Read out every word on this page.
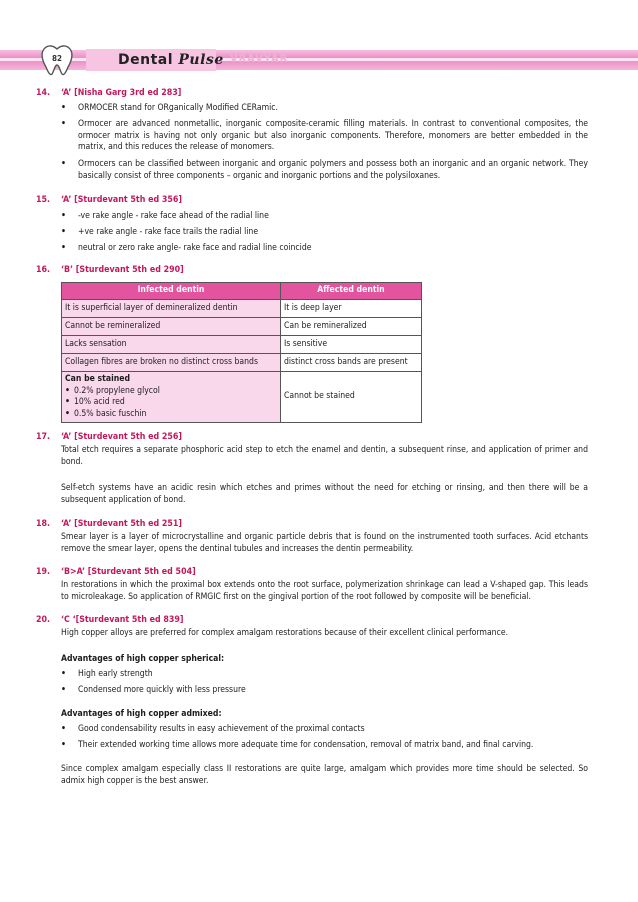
82	Dental Pulse VRAVYAR
14. ‘A’ [Nisha Garg 3rd ed 283]
• ORMOCER stand for ORganically Modified CERamic.
• Ormocer are advanced nonmetallic, inorganic composite-ceramic filling materials. In contrast to conventional composites, the ormocer matrix is having not only organic but also inorganic components. Therefore, monomers are better embedded in the matrix, and this reduces the release of monomers.
• Ormocers can be classified between inorganic and organic polymers and possess both an inorganic and an organic network. They basically consist of three components – organic and inorganic portions and the polysiloxanes.
15. ‘A’ [Sturdevant 5th ed 356]
• -ve rake angle - rake face ahead of the radial line
• +ve rake angle - rake face trails the radial line
• neutral or zero rake angle- rake face and radial line coincide
16. ‘B’ [Sturdevant 5th ed 290]
Infected dentin	Affected dentin
It is superficial layer of demineralized dentin	It is deep layer
Cannot be remineralized	Can be remineralized
Lacks sensation	Is sensitive
Collagen fibres are broken no distinct cross bands	distinct cross bands are present

Can be stained
• 0.2% propylene glycol
• 10% acid red
• 0.5% basic fuschin	Cannot be stained
17. ‘A’ [Sturdevant 5th ed 256]
Total etch requires a separate phosphoric acid step to etch the enamel and dentin, a subsequent rinse, and application of primer and bond.
Self-etch systems have an acidic resin which etches and primes without the need for etching or rinsing, and then there will be a subsequent application of bond.
18. ‘A’ [Sturdevant 5th ed 251]
Smear layer is a layer of microcrystalline and organic particle debris that is found on the instrumented tooth surfaces. Acid etchants remove the smear layer, opens the dentinal tubules and increases the dentin permeability.
19. ‘B>A’ [Sturdevant 5th ed 504]
In restorations in which the proximal box extends onto the root surface, polymerization shrinkage can lead a V-shaped gap. This leads to microleakage. So application of RMGIC first on the gingival portion of the root followed by composite will be beneficial.
20. ‘C ‘[Sturdevant 5th ed 839]
High copper alloys are preferred for complex amalgam restorations because of their excellent clinical performance.
Advantages of high copper spherical:
• High early strength
• Condensed more quickly with less pressure
Advantages of high copper admixed:
• Good condensability results in easy achievement of the proximal contacts
• Their extended working time allows more adequate time for condensation, removal of matrix band, and final carving.
Since complex amalgam especially class II restorations are quite large, amalgam which provides more time should be selected. So admix high copper is the best answer.
